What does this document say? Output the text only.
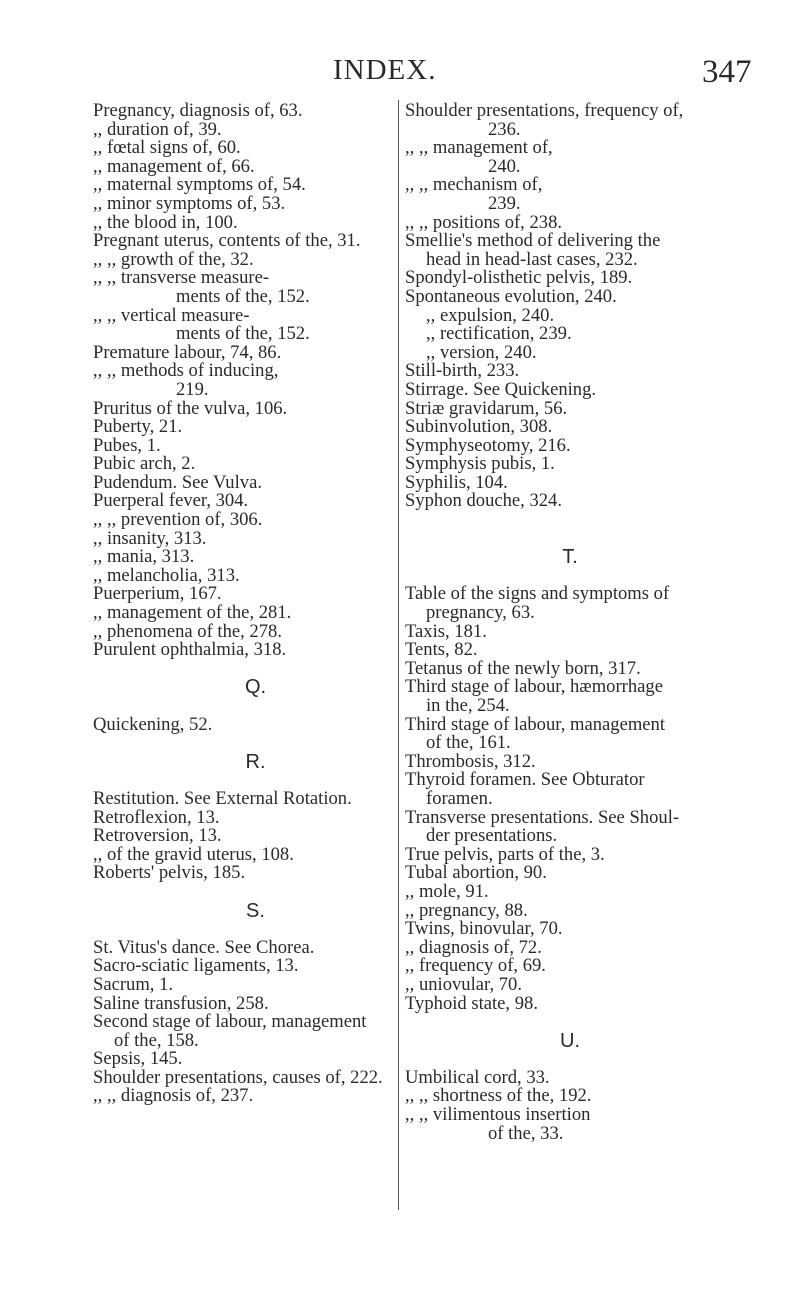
INDEX.	347
Pregnancy, diagnosis of, 63.
,, duration of, 39.
,, fœtal signs of, 60.
,, management of, 66.
,, maternal symptoms of, 54.
,, minor symptoms of, 53.
,, the blood in, 100.
Pregnant uterus, contents of the, 31.
,, ,, growth of the, 32.
,, ,, transverse measure-
ments of the, 152.
,, ,, vertical measure-
ments of the, 152.
Premature labour, 74, 86.
,, ,, methods of inducing,
219.
Pruritus of the vulva, 106.
Puberty, 21.
Pubes, 1.
Pubic arch, 2.
Pudendum. See Vulva.
Puerperal fever, 304.
,, ,, prevention of, 306.
,, insanity, 313.
,, mania, 313.
,, melancholia, 313.
Puerperium, 167.
,, management of the, 281.
,, phenomena of the, 278.
Purulent ophthalmia, 318.
Q.
Quickening, 52.
R.
Restitution. See External Rotation.
Retroflexion, 13.
Retroversion, 13.
,, of the gravid uterus, 108.
Roberts' pelvis, 185.
S.
St. Vitus's dance. See Chorea.
Sacro-sciatic ligaments, 13.
Sacrum, 1.
Saline transfusion, 258.
Second stage of labour, management
of the, 158.
Sepsis, 145.
Shoulder presentations, causes of, 222.
,, ,, diagnosis of, 237.
Shoulder presentations, frequency of,
236.
,, ,, management of,
240.
,, ,, mechanism of,
239.
,, ,, positions of, 238.
Smellie's method of delivering the
head in head-last cases, 232.
Spondyl-olisthetic pelvis, 189.
Spontaneous evolution, 240.
,, expulsion, 240.
,, rectification, 239.
,, version, 240.
Still-birth, 233.
Stirrage. See Quickening.
Striæ gravidarum, 56.
Subinvolution, 308.
Symphyseotomy, 216.
Symphysis pubis, 1.
Syphilis, 104.
Syphon douche, 324.
T.
Table of the signs and symptoms of
pregnancy, 63.
Taxis, 181.
Tents, 82.
Tetanus of the newly born, 317.
Third stage of labour, hæmorrhage
in the, 254.
Third stage of labour, management
of the, 161.
Thrombosis, 312.
Thyroid foramen. See Obturator
foramen.
Transverse presentations. See Shoul-
der presentations.
True pelvis, parts of the, 3.
Tubal abortion, 90.
,, mole, 91.
,, pregnancy, 88.
Twins, binovular, 70.
,, diagnosis of, 72.
,, frequency of, 69.
,, uniovular, 70.
Typhoid state, 98.
U.
Umbilical cord, 33.
,, ,, shortness of the, 192.
,, ,, vilimentous insertion
of the, 33.
